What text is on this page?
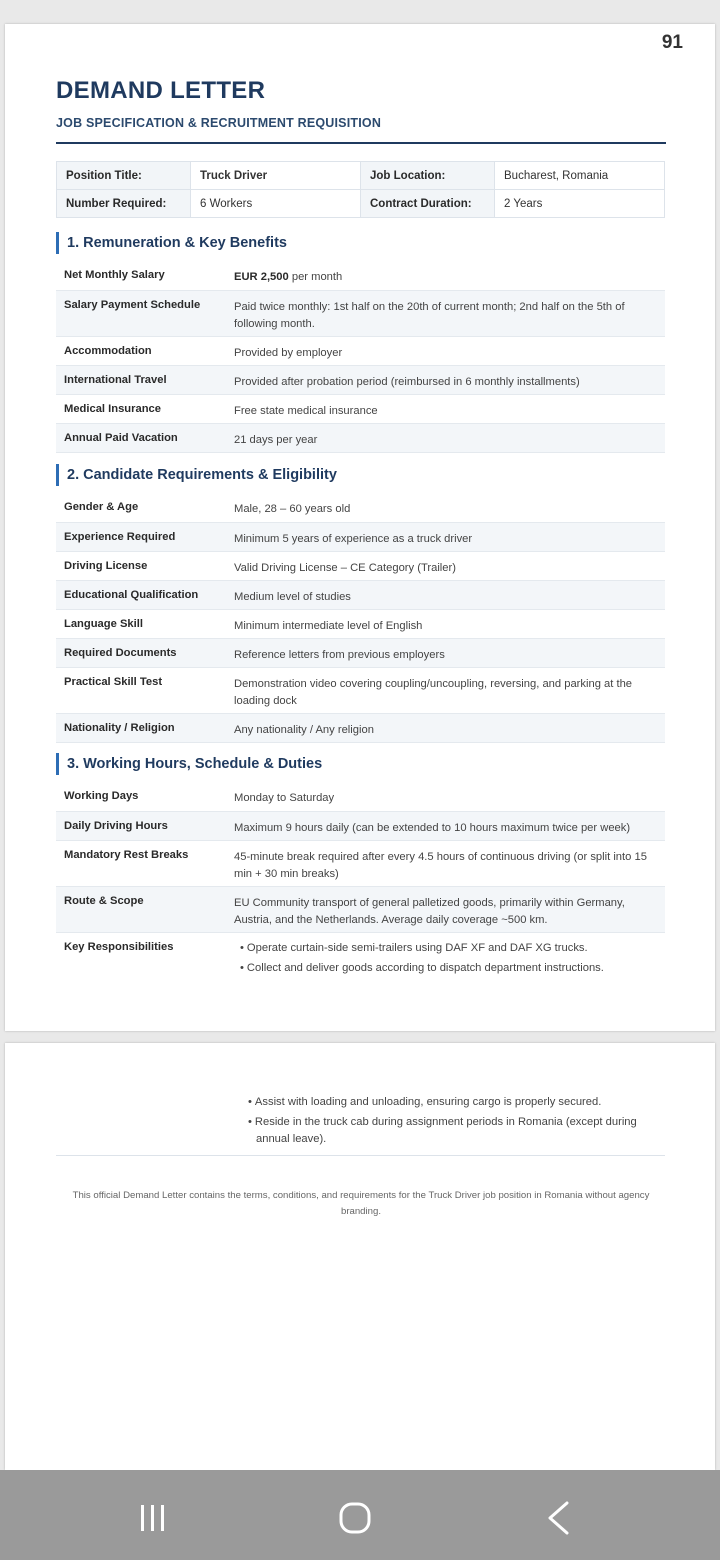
91
DEMAND LETTER
JOB SPECIFICATION & RECRUITMENT REQUISITION
Position Title:	Truck Driver	Job Location:	Bucharest, Romania
Number Required:	6 Workers	Contract Duration:	2 Years
1. Remuneration & Key Benefits
Net Monthly Salary	EUR 2,500 per month
Salary Payment Schedule	Paid twice monthly: 1st half on the 20th of current month; 2nd half on the 5th of following month.
Accommodation	Provided by employer
International Travel	Provided after probation period (reimbursed in 6 monthly installments)
Medical Insurance	Free state medical insurance
Annual Paid Vacation	21 days per year
2. Candidate Requirements & Eligibility
Gender & Age	Male, 28 – 60 years old
Experience Required	Minimum 5 years of experience as a truck driver
Driving License	Valid Driving License – CE Category (Trailer)
Educational Qualification	Medium level of studies
Language Skill	Minimum intermediate level of English
Required Documents	Reference letters from previous employers
Practical Skill Test	Demonstration video covering coupling/uncoupling, reversing, and parking at the loading dock
Nationality / Religion	Any nationality / Any religion
3. Working Hours, Schedule & Duties
Working Days	Monday to Saturday
Daily Driving Hours	Maximum 9 hours daily (can be extended to 10 hours maximum twice per week)
Mandatory Rest Breaks	45-minute break required after every 4.5 hours of continuous driving (or split into 15 min + 30 min breaks)
Route & Scope	EU Community transport of general palletized goods, primarily within Germany, Austria, and the Netherlands. Average daily coverage ~500 km.
Key Responsibilities	• Operate curtain-side semi-trailers using DAF XF and DAF XG trucks.
• Collect and deliver goods according to dispatch department instructions.
• Assist with loading and unloading, ensuring cargo is properly secured.
• Reside in the truck cab during assignment periods in Romania (except during annual leave).
This official Demand Letter contains the terms, conditions, and requirements for the Truck Driver job position in Romania without agency branding.
